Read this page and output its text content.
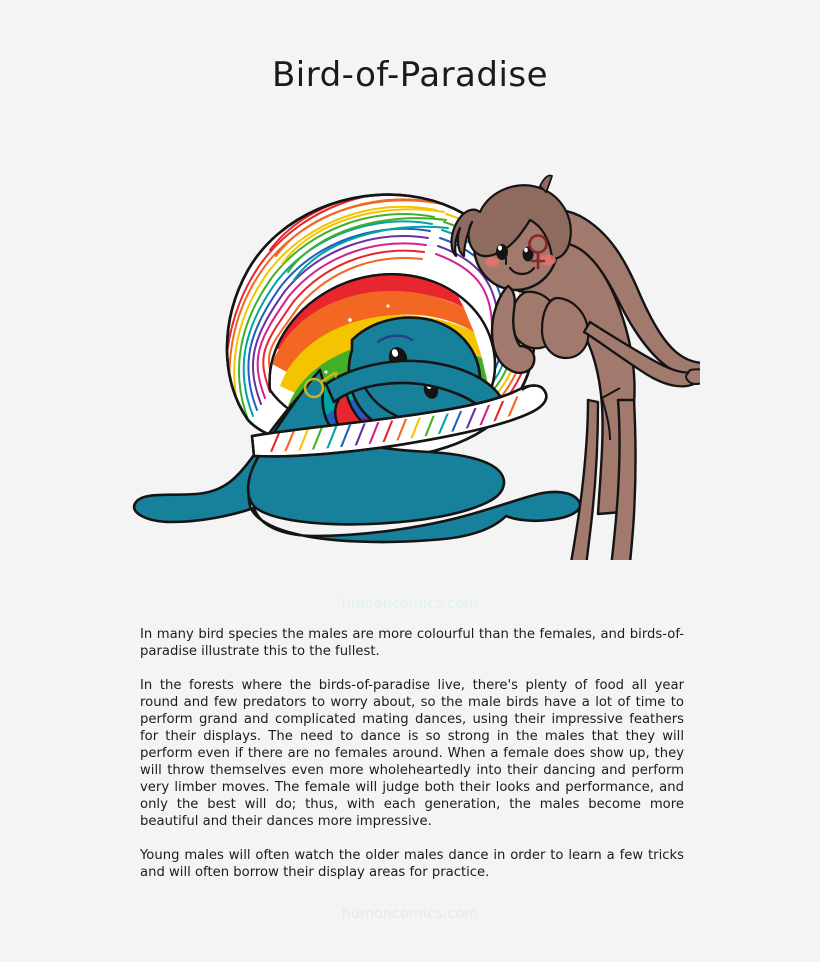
Bird-of-Paradise
humoncomics.com

In many bird species the males are more colourful than the females, and birds-of-paradise illustrate this to the fullest.

In the forests where the birds-of-paradise live, there's plenty of food all year round and few predators to worry about, so the male birds have a lot of time to perform grand and complicated mating dances, using their impressive feathers for their displays. The need to dance is so strong in the males that they will perform even if there are no females around. When a female does show up, they will throw themselves even more wholeheartedly into their dancing and perform very limber moves. The female will judge both their looks and performance, and only the best will do; thus, with each generation, the males become more beautiful and their dances more impressive.

Young males will often watch the older males dance in order to learn a few tricks and will often borrow their display areas for practice.

humoncomics.com
